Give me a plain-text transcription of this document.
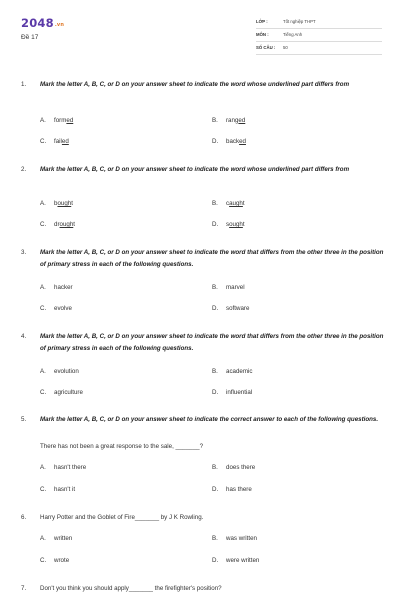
2048.vn
Đề 17
LỚP :	Tốt nghiệp THPT
MÔN :	Tiếng Anh
SỐ CÂU : 50
1. Mark the letter A, B, C, or D on your answer sheet to indicate the word whose underlined part differs from
A. formed	B. ranged
C. failed	D. backed
2. Mark the letter A, B, C, or D on your answer sheet to indicate the word whose underlined part differs from
A. bought	B. caught
C. drought	D. sought
3. Mark the letter A, B, C, or D on your answer sheet to indicate the word that differs from the other three in the position of primary stress in each of the following questions.
A. hacker	B. marvel
C. evolve	D. software
4. Mark the letter A, B, C, or D on your answer sheet to indicate the word that differs from the other three in the position of primary stress in each of the following questions.
A. evolution	B. academic
C. agriculture	D. influential
5. Mark the letter A, B, C, or D on your answer sheet to indicate the correct answer to each of the following questions.
There has not been a great response to the sale, _______?
A. hasn't there	B. does there
C. hasn't it	D. has there
6. Harry Potter and the Goblet of Fire_______ by J K Rowling.
A. written	B. was written
C. wrote	D. were written
7. Don't you think you should apply_______ the firefighter's position?
